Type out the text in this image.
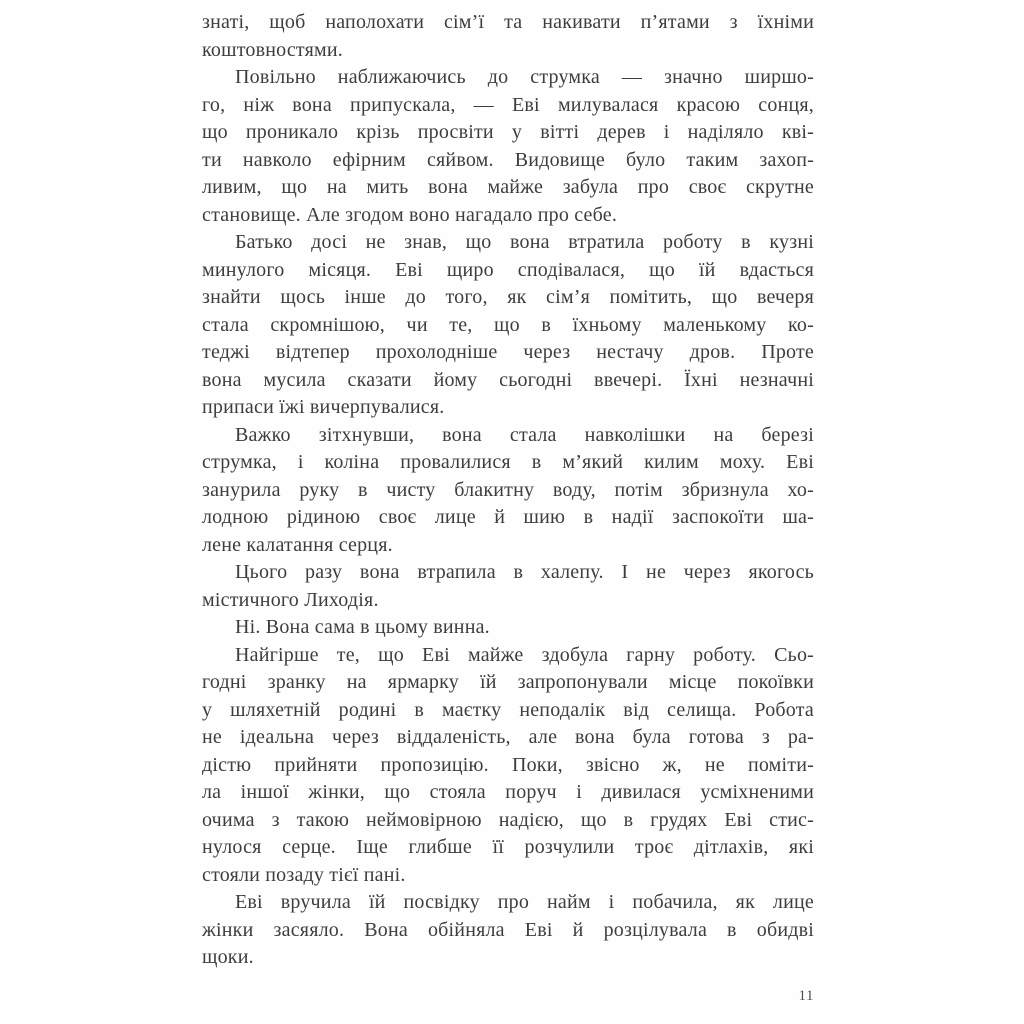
знаті, щоб наполохати сім’ї та накивати п’ятами з їхніми
коштовностями.
Повільно наближаючись до струмка — значно ширшо-
го, ніж вона припускала, — Еві милувалася красою сонця,
що проникало крізь просвіти у вітті дерев і наділяло кві-
ти навколо ефірним сяйвом. Видовище було таким захоп-
ливим, що на мить вона майже забула про своє скрутне
становище. Але згодом воно нагадало про себе.
Батько досі не знав, що вона втратила роботу в кузні
минулого місяця. Еві щиро сподівалася, що їй вдасться
знайти щось інше до того, як сім’я помітить, що вечеря
стала скромнішою, чи те, що в їхньому маленькому ко-
теджі відтепер прохолодніше через нестачу дров. Проте
вона мусила сказати йому сьогодні ввечері. Їхні незначні
припаси їжі вичерпувалися.
Важко зітхнувши, вона стала навколішки на березі
струмка, і коліна провалилися в м’який килим моху. Еві
занурила руку в чисту блакитну воду, потім збризнула хо-
лодною рідиною своє лице й шию в надії заспокоїти ша-
лене калатання серця.
Цього разу вона втрапила в халепу. І не через якогось
містичного Лиходія.
Ні. Вона сама в цьому винна.
Найгірше те, що Еві майже здобула гарну роботу. Сьо-
годні зранку на ярмарку їй запропонували місце покоївки
у шляхетній родині в маєтку неподалік від селища. Робота
не ідеальна через віддаленість, але вона була готова з ра-
дістю прийняти пропозицію. Поки, звісно ж, не поміти-
ла іншої жінки, що стояла поруч і дивилася усміхненими
очима з такою неймовірною надією, що в грудях Еві стис-
нулося серце. Іще глибше її розчулили троє дітлахів, які
стояли позаду тієї пані.
Еві вручила їй посвідку про найм і побачила, як лице
жінки засяяло. Вона обійняла Еві й розцілувала в обидві
щоки.
11
